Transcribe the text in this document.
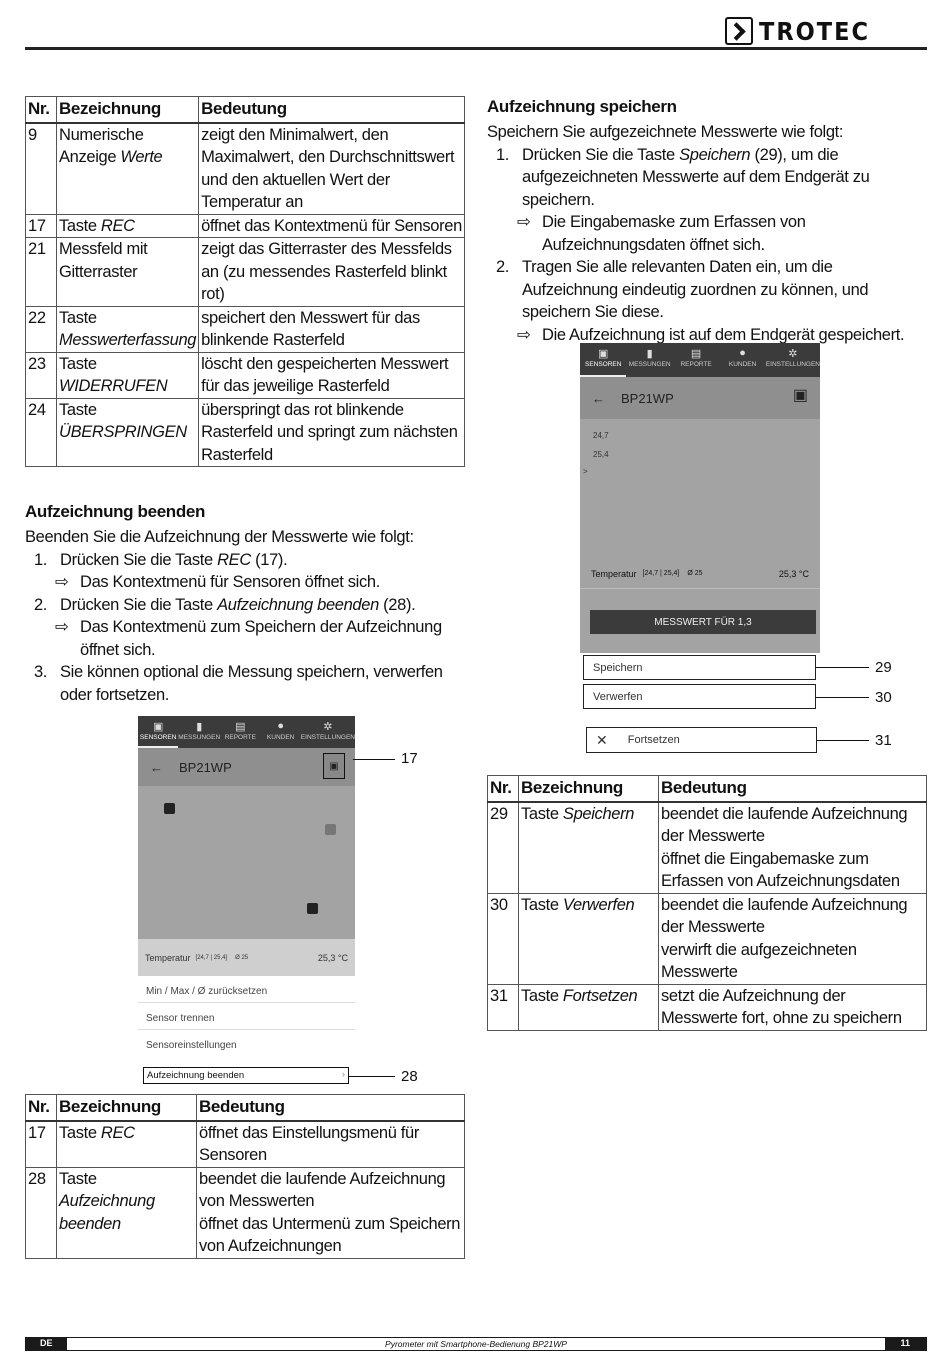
TROTEC
Nr.	Bezeichnung	Bedeutung
9	Numerische Anzeige Werte	zeigt den Minimalwert, den Maximalwert, den Durchschnittswert und den aktuellen Wert der Temperatur an
17	Taste REC	öffnet das Kontextmenü für Sensoren
21	Messfeld mit Gitterraster	zeigt das Gitterraster des Messfelds an (zu messendes Rasterfeld blinkt rot)
22	Taste Messwerterfassung	speichert den Messwert für das blinkende Rasterfeld
23	Taste WIDERRUFEN	löscht den gespeicherten Messwert für das jeweilige Rasterfeld
24	Taste ÜBERSPRINGEN	überspringt das rot blinkende Rasterfeld und springt zum nächsten Rasterfeld
Aufzeichnung beenden
Beenden Sie die Aufzeichnung der Messwerte wie folgt:
1. Drücken Sie die Taste REC (17).
⇨ Das Kontextmenü für Sensoren öffnet sich.
2. Drücken Sie die Taste Aufzeichnung beenden (28).
⇨ Das Kontextmenü zum Speichern der Aufzeichnung öffnet sich.
3. Sie können optional die Messung speichern, verwerfen oder fortsetzen.
▣
SENSOREN
▮
MESSUNGEN
▤
REPORTE
●
KUNDEN
✲
EINSTELLUNGEN
← BP21WP	▣
Temperatur [24,7 | 25,4] Ø 25	25,3 °C
Min / Max / Ø zurücksetzen
Sensor trennen
Sensoreinstellungen
Aufzeichnung beenden	›
17
28
Nr.	Bezeichnung	Bedeutung
17	Taste REC	öffnet das Einstellungsmenü für Sensoren
28	Taste Aufzeichnung beenden	beendet die laufende Aufzeichnung von Messwerten
öffnet das Untermenü zum Speichern von Aufzeichnungen
Aufzeichnung speichern
Speichern Sie aufgezeichnete Messwerte wie folgt:
1. Drücken Sie die Taste Speichern (29), um die aufgezeichneten Messwerte auf dem Endgerät zu speichern.
⇨ Die Eingabemaske zum Erfassen von Aufzeichnungsdaten öffnet sich.
2. Tragen Sie alle relevanten Daten ein, um die Aufzeichnung eindeutig zuordnen zu können, und speichern Sie diese.
⇨ Die Aufzeichnung ist auf dem Endgerät gespeichert.
▣
SENSOREN
▮
MESSUNGEN
▤
REPORTE
●
KUNDEN
✲
EINSTELLUNGEN
← BP21WP	▣
24,7
25,4
>
Temperatur [24,7 | 25,4] Ø 25	25,3 °C
MESSWERT FÜR 1,3
Speichern
Verwerfen
✕ Fortsetzen
29
30
31
Nr.	Bezeichnung	Bedeutung
29	Taste Speichern	beendet die laufende Aufzeichnung der Messwerte
öffnet die Eingabemaske zum Erfassen von Aufzeichnungsdaten
30	Taste Verwerfen	beendet die laufende Aufzeichnung der Messwerte
verwirft die aufgezeichneten Messwerte
31	Taste Fortsetzen	setzt die Aufzeichnung der Messwerte fort, ohne zu speichern
DE	Pyrometer mit Smartphone-Bedienung BP21WP	11
